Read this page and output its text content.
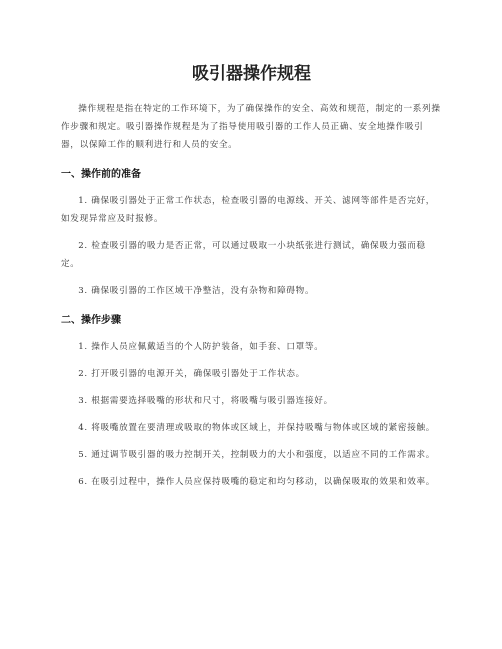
吸引器操作规程

操作规程是指在特定的工作环境下，为了确保操作的安全、高效和规范，制定的一系列操作步骤和规定。吸引器操作规程是为了指导使用吸引器的工作人员正确、安全地操作吸引器，以保障工作的顺利进行和人员的安全。

一、操作前的准备

1. 确保吸引器处于正常工作状态，检查吸引器的电源线、开关、滤网等部件是否完好，如发现异常应及时报修。

2. 检查吸引器的吸力是否正常，可以通过吸取一小块纸张进行测试，确保吸力强而稳定。

3. 确保吸引器的工作区域干净整洁，没有杂物和障碍物。

二、操作步骤

1. 操作人员应佩戴适当的个人防护装备，如手套、口罩等。

2. 打开吸引器的电源开关，确保吸引器处于工作状态。

3. 根据需要选择吸嘴的形状和尺寸，将吸嘴与吸引器连接好。

4. 将吸嘴放置在要清理或吸取的物体或区域上，并保持吸嘴与物体或区域的紧密接触。

5. 通过调节吸引器的吸力控制开关，控制吸力的大小和强度，以适应不同的工作需求。

6. 在吸引过程中，操作人员应保持吸嘴的稳定和均匀移动，以确保吸取的效果和效率。
